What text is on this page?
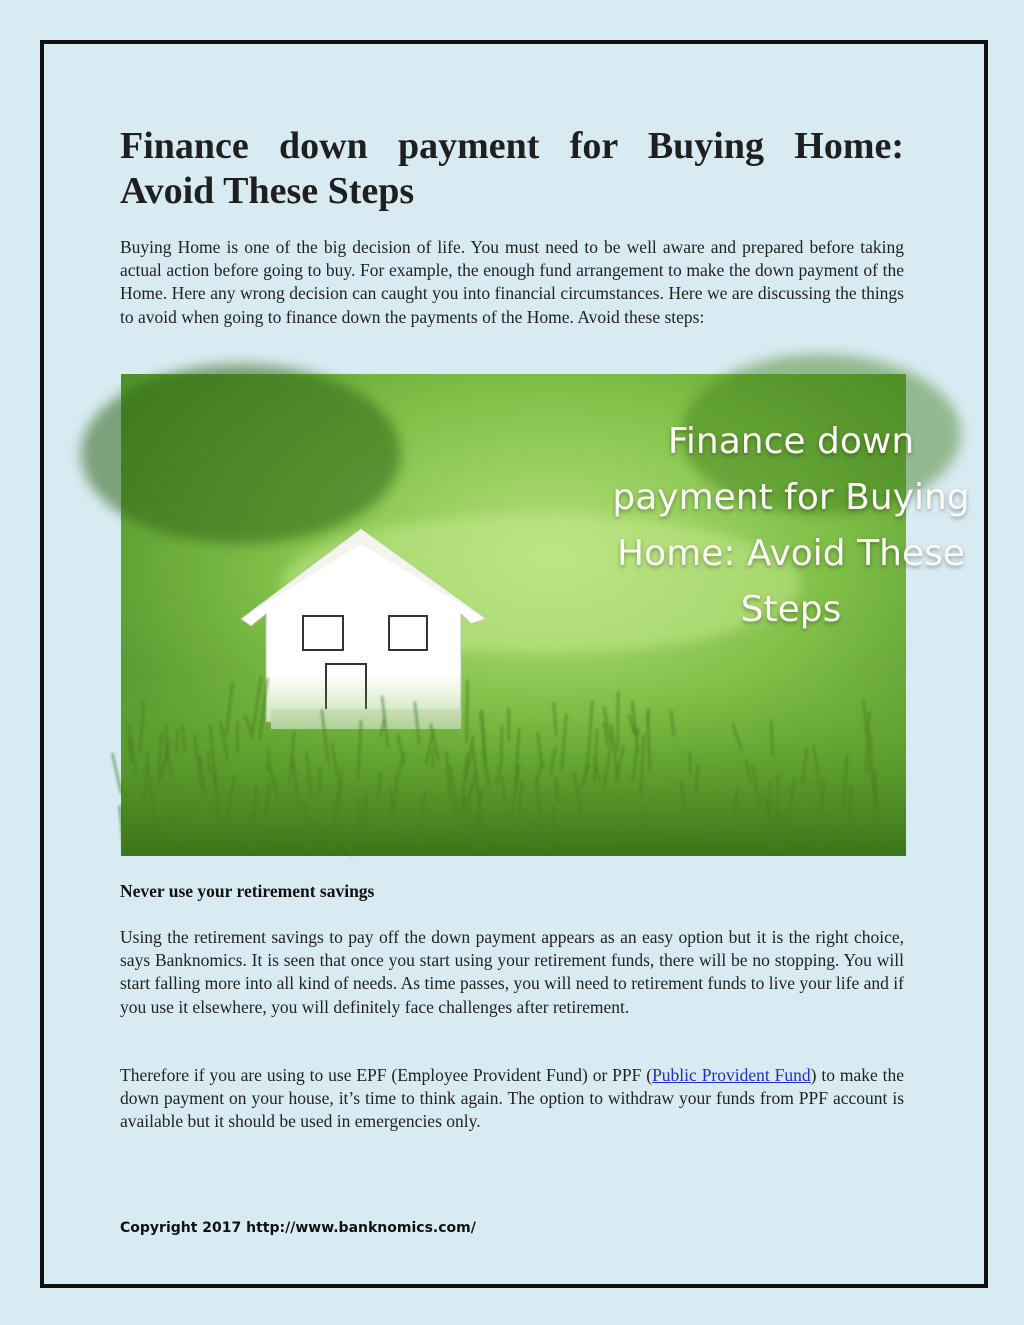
Finance down payment for Buying Home:
Avoid These Steps

Buying Home is one of the big decision of life. You must need to be well aware and prepared before taking actual action before going to buy. For example, the enough fund arrangement to make the down payment of the Home. Here any wrong decision can caught you into financial circumstances. Here we are discussing the things to avoid when going to finance down the payments of the Home. Avoid these steps:

Finance down
payment for Buying
Home: Avoid These
Steps
Never use your retirement savings

Using the retirement savings to pay off the down payment appears as an easy option but it is the right choice, says Banknomics. It is seen that once you start using your retirement funds, there will be no stopping. You will start falling more into all kind of needs. As time passes, you will need to retirement funds to live your life and if you use it elsewhere, you will definitely face challenges after retirement.

Therefore if you are using to use EPF (Employee Provident Fund) or PPF (Public Provident Fund) to make the down payment on your house, it’s time to think again. The option to withdraw your funds from PPF account is available but it should be used in emergencies only.

Copyright 2017 http://www.banknomics.com/
